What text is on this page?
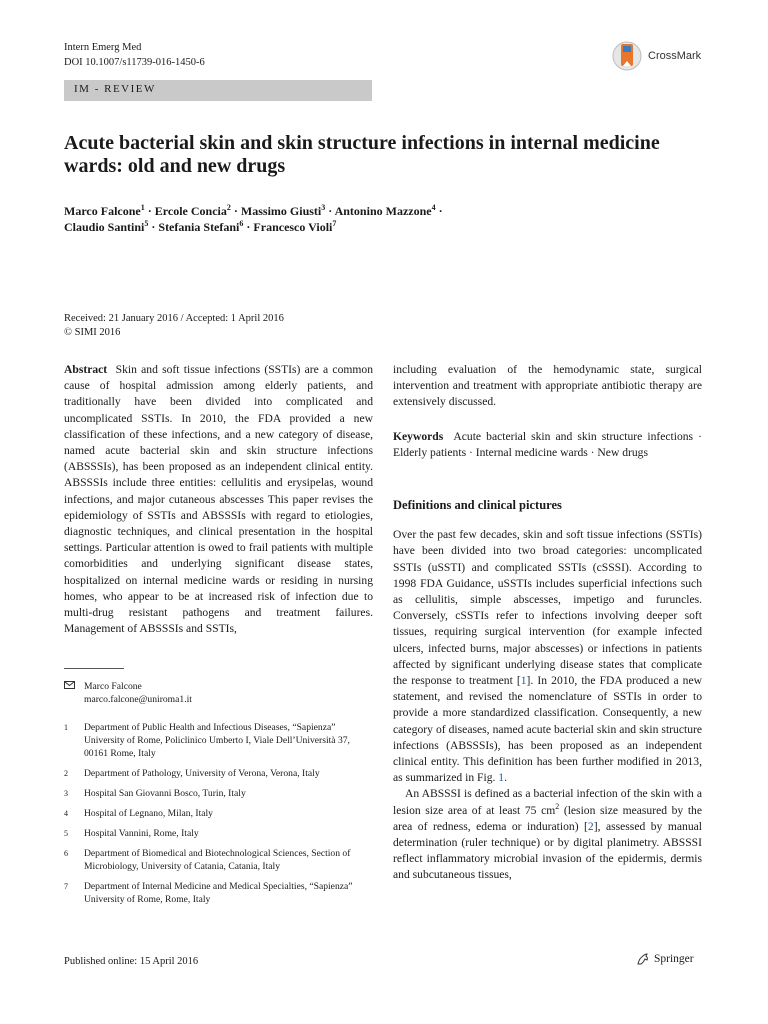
Intern Emerg Med
DOI 10.1007/s11739-016-1450-6
CrossMark
IM - REVIEW
Acute bacterial skin and skin structure infections in internal medicine wards: old and new drugs
Marco Falcone$^1$ · Ercole Concia$^2$ · Massimo Giusti$^3$ · Antonino Mazzone$^4$ ·
Claudio Santini$^5$ · Stefania Stefani$^6$ · Francesco Violi$^7$
Received: 21 January 2016 / Accepted: 1 April 2016
© SIMI 2016

Abstract Skin and soft tissue infections (SSTIs) are a common cause of hospital admission among elderly patients, and traditionally have been divided into complicated and uncomplicated SSTIs. In 2010, the FDA provided a new classification of these infections, and a new category of disease, named acute bacterial skin and skin structure infections (ABSSSIs), has been proposed as an independent clinical entity. ABSSSIs include three entities: cellulitis and erysipelas, wound infections, and major cutaneous abscesses This paper revises the epidemiology of SSTIs and ABSSSIs with regard to etiologies, diagnostic techniques, and clinical presentation in the hospital settings. Particular attention is owed to frail patients with multiple comorbidities and underlying significant disease states, hospitalized on internal medicine wards or residing in nursing homes, who appear to be at increased risk of infection due to multi-drug resistant pathogens and treatment failures. Management of ABSSSIs and SSTIs,

Marco Falcone
marco.falcone@uniroma1.it
1	Department of Public Health and Infectious Diseases, “Sapienza” University of Rome, Policlinico Umberto I, Viale Dell’Università 37, 00161 Rome, Italy
2	Department of Pathology, University of Verona, Verona, Italy
3	Hospital San Giovanni Bosco, Turin, Italy
4	Hospital of Legnano, Milan, Italy
5	Hospital Vannini, Rome, Italy
6	Department of Biomedical and Biotechnological Sciences, Section of Microbiology, University of Catania, Catania, Italy
7	Department of Internal Medicine and Medical Specialties, “Sapienza” University of Rome, Rome, Italy

including evaluation of the hemodynamic state, surgical intervention and treatment with appropriate antibiotic therapy are extensively discussed.

Keywords Acute bacterial skin and skin structure infections · Elderly patients · Internal medicine wards · New drugs

Definitions and clinical pictures

Over the past few decades, skin and soft tissue infections (SSTIs) have been divided into two broad categories: uncomplicated SSTIs (uSSTI) and complicated SSTIs (cSSSI). According to 1998 FDA Guidance, uSSTIs includes superficial infections such as cellulitis, simple abscesses, impetigo and furuncles. Conversely, cSSTIs refer to infections involving deeper soft tissues, requiring surgical intervention (for example infected ulcers, infected burns, major abscesses) or infections in patients affected by significant underlying disease states that complicate the response to treatment [1]. In 2010, the FDA produced a new statement, and revised the nomenclature of SSTIs in order to provide a more standardized classification. Consequently, a new category of diseases, named acute bacterial skin and skin structure infections (ABSSSIs), has been proposed as an independent clinical entity. This definition has been further modified in 2013, as summarized in Fig. 1.

An ABSSSI is defined as a bacterial infection of the skin with a lesion size area of at least 75 $cm^2$ (lesion size measured by the area of redness, edema or induration) [2], assessed by manual determination (ruler technique) or by digital planimetry. ABSSSI reflect inflammatory microbial invasion of the epidermis, dermis and subcutaneous tissues,

Published online: 15 April 2016	Springer
